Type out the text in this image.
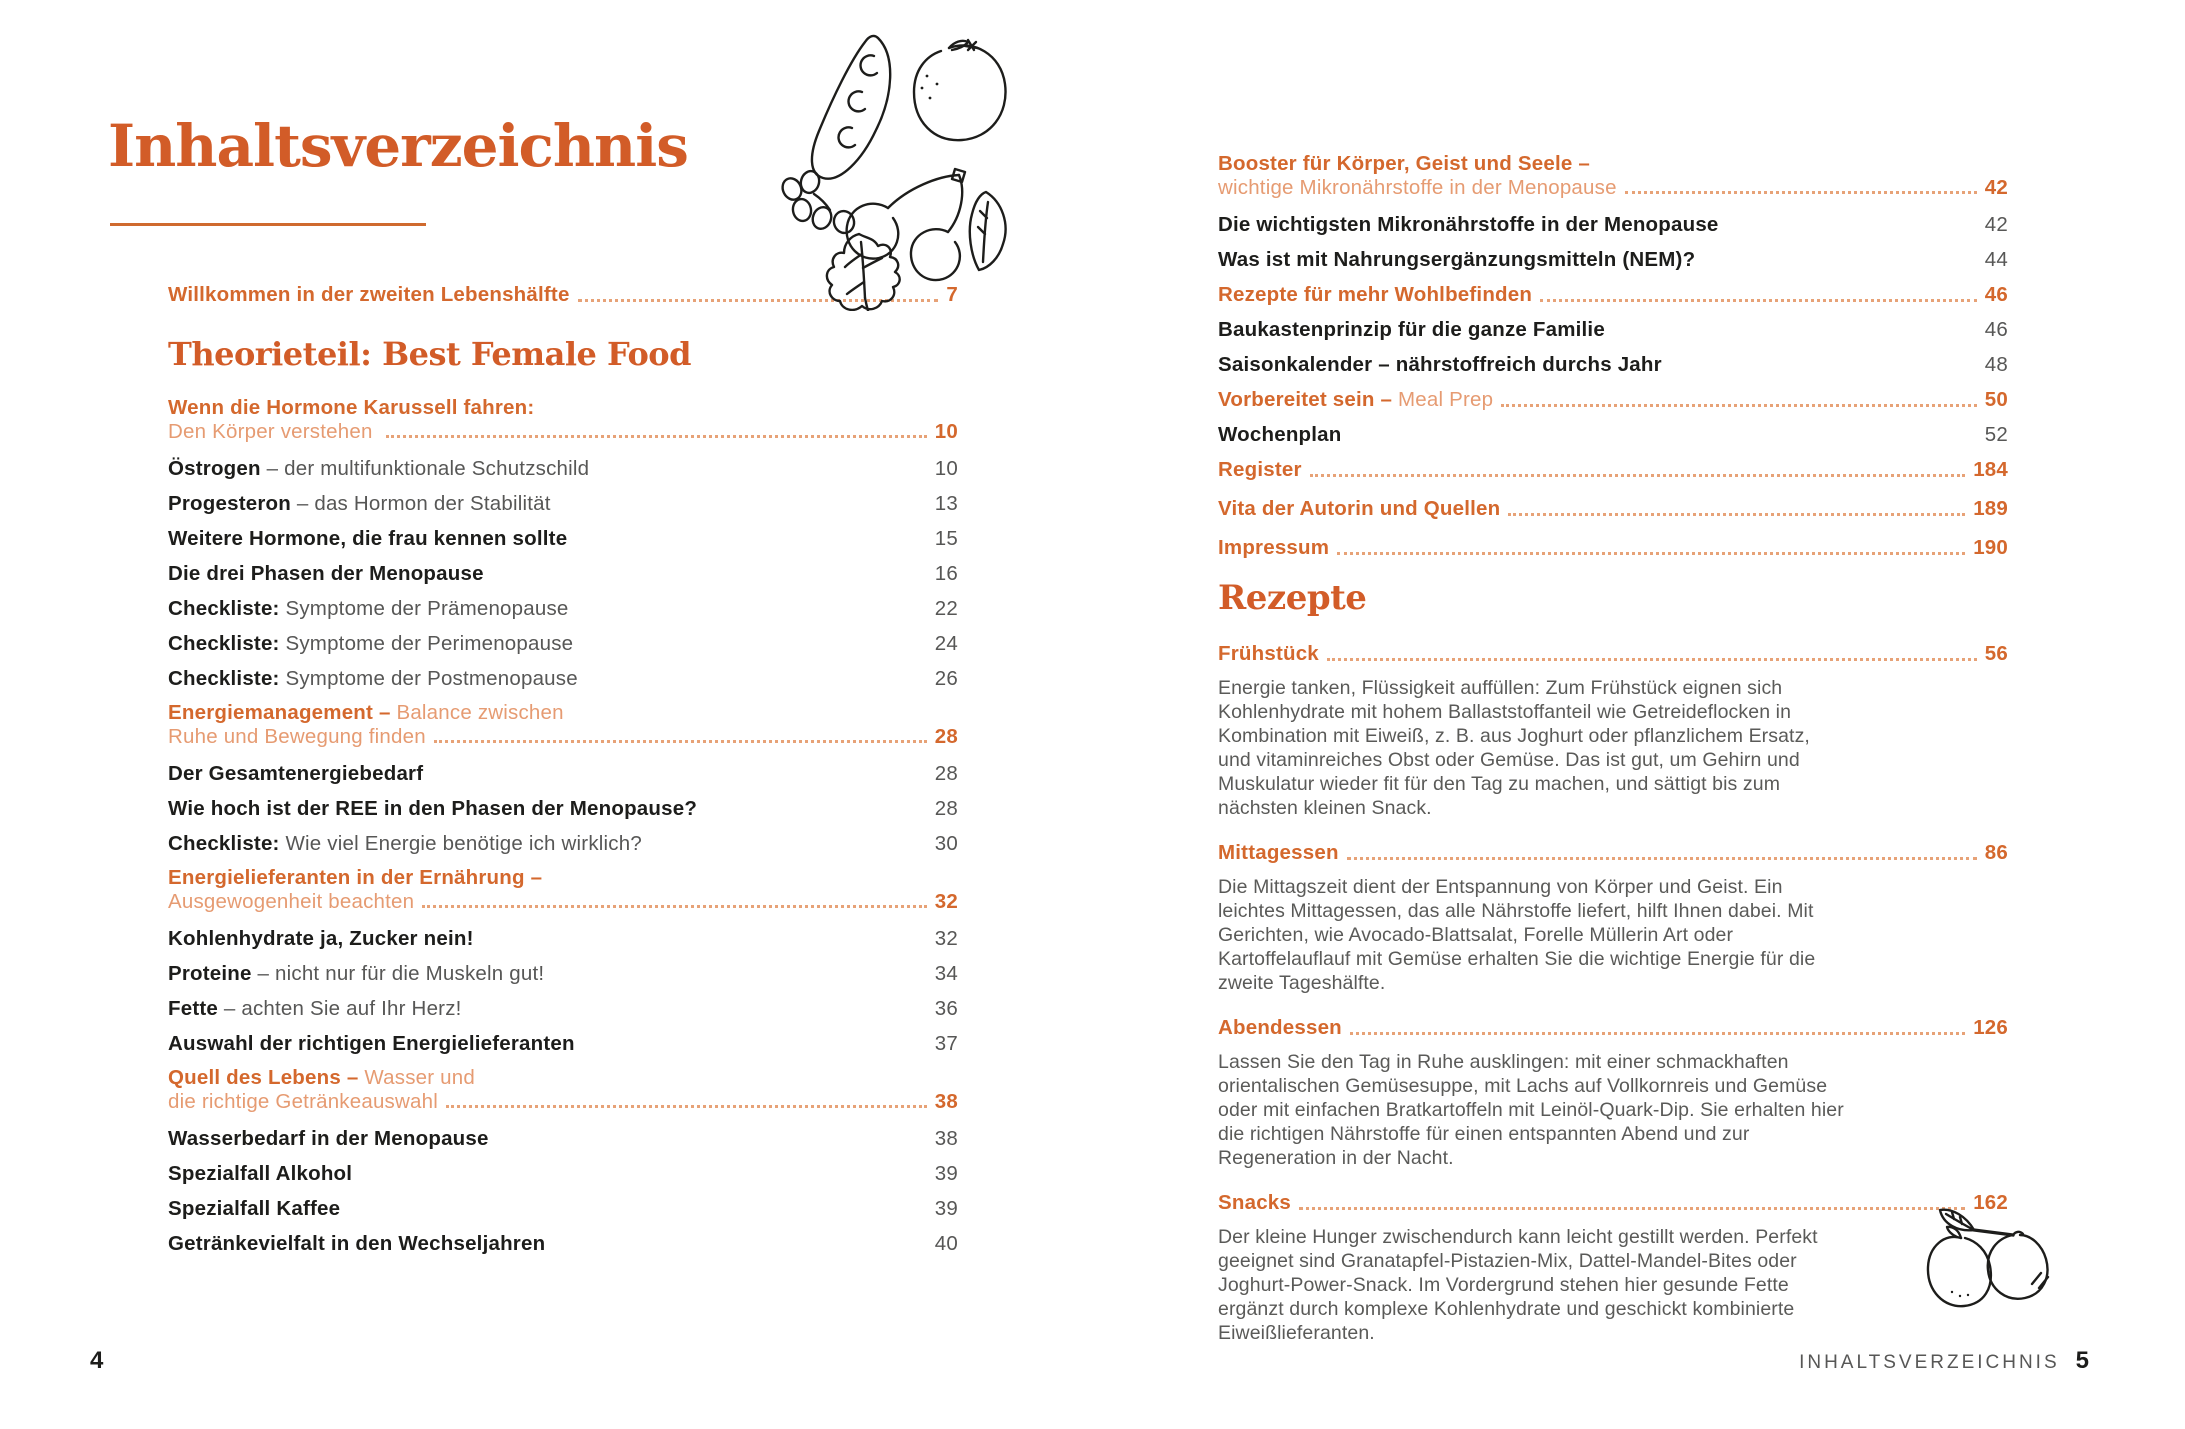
Inhaltsverzeichnis
Willkommen in der zweiten Lebenshälfte	7
Theorieteil: Best Female Food
Wenn die Hormone Karussell fahren:
Den Körper verstehen	10
Östrogen – der multifunktionale Schutzschild	10
Progesteron – das Hormon der Stabilität	13
Weitere Hormone, die frau kennen sollte	15
Die drei Phasen der Menopause	16
Checkliste: Symptome der Prämenopause	22
Checkliste: Symptome der Perimenopause	24
Checkliste: Symptome der Postmenopause	26
Energiemanagement – Balance zwischen
Ruhe und Bewegung finden	28
Der Gesamtenergiebedarf	28
Wie hoch ist der REE in den Phasen der Menopause?	28
Checkliste: Wie viel Energie benötige ich wirklich?	30
Energielieferanten in der Ernährung –
Ausgewogenheit beachten	32
Kohlenhydrate ja, Zucker nein!	32
Proteine – nicht nur für die Muskeln gut!	34
Fette – achten Sie auf Ihr Herz!	36
Auswahl der richtigen Energielieferanten	37
Quell des Lebens – Wasser und
die richtige Getränkeauswahl	38
Wasserbedarf in der Menopause	38
Spezialfall Alkohol	39
Spezialfall Kaffee	39
Getränkevielfalt in den Wechseljahren	40
Booster für Körper, Geist und Seele –
wichtige Mikronährstoffe in der Menopause	42
Die wichtigsten Mikronährstoffe in der Menopause	42
Was ist mit Nahrungsergänzungsmitteln (NEM)?	44
Rezepte für mehr Wohlbefinden	46
Baukastenprinzip für die ganze Familie	46
Saisonkalender – nährstoffreich durchs Jahr	48
Vorbereitet sein – Meal Prep	50
Wochenplan	52
Register	184
Vita der Autorin und Quellen	189
Impressum	190
Rezepte
Frühstück	56

Energie tanken, Flüssigkeit auffüllen: Zum Frühstück eignen sich Kohlenhydrate mit hohem Ballaststoffanteil wie Getreideflocken in Kombination mit Eiweiß, z. B. aus Joghurt oder pflanzlichem Ersatz, und vitaminreiches Obst oder Gemüse. Das ist gut, um Gehirn und Muskulatur wieder fit für den Tag zu machen, und sättigt bis zum nächsten kleinen Snack.

Mittagessen	86

Die Mittagszeit dient der Entspannung von Körper und Geist. Ein leichtes Mittagessen, das alle Nährstoffe liefert, hilft Ihnen dabei. Mit Gerichten, wie Avocado-Blattsalat, Forelle Müllerin Art oder Kartoffelauflauf mit Gemüse erhalten Sie die wichtige Energie für die zweite Tageshälfte.

Abendessen	126

Lassen Sie den Tag in Ruhe ausklingen: mit einer schmackhaften orientalischen Gemüsesuppe, mit Lachs auf Vollkornreis und Gemüse oder mit einfachen Bratkartoffeln mit Leinöl-Quark-Dip. Sie erhalten hier die richtigen Nährstoffe für einen entspannten Abend und zur Regeneration in der Nacht.

Snacks	162

Der kleine Hunger zwischendurch kann leicht gestillt werden. Perfekt geeignet sind Granatapfel-Pistazien-Mix, Dattel-Mandel-Bites oder Joghurt-Power-Snack. Im Vordergrund stehen hier gesunde Fette ergänzt durch komplexe Kohlenhydrate und geschickt kombinierte Eiweißlieferanten.

4	INHALTSVERZEICHNIS 5
